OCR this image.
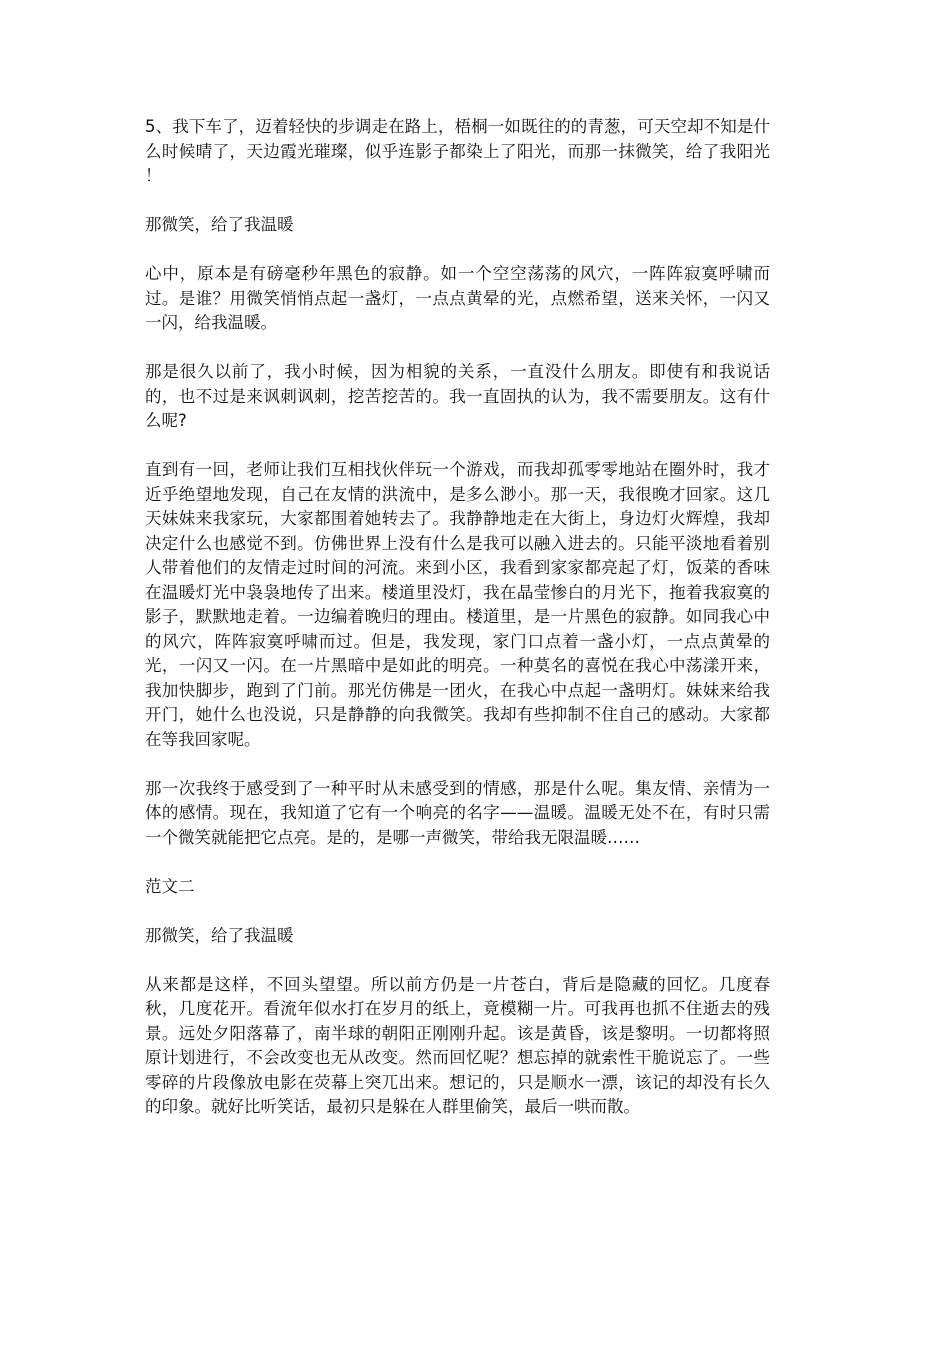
5、我下车了，迈着轻快的步调走在路上，梧桐一如既往的的青葱，可天空却不知是什么时候晴了，天边霞光璀璨，似乎连影子都染上了阳光，而那一抹微笑，给了我阳光 ！

那微笑，给了我温暖

心中，原本是有磅毫秒年黑色的寂静。如一个空空荡荡的风穴，一阵阵寂寞呼啸而过。是谁？用微笑悄悄点起一盏灯，一点点黄晕的光，点燃希望，送来关怀，一闪又一闪，给我温暖。

那是很久以前了，我小时候，因为相貌的关系，一直没什么朋友。即使有和我说话的，也不过是来讽刺讽刺，挖苦挖苦的。我一直固执的认为，我不需要朋友。这有什么呢?

直到有一回，老师让我们互相找伙伴玩一个游戏，而我却孤零零地站在圈外时，我才近乎绝望地发现，自己在友情的洪流中，是多么渺小。那一天，我很晚才回家。这几天妹妹来我家玩，大家都围着她转去了。我静静地走在大街上，身边灯火辉煌，我却决定什么也感觉不到。仿佛世界上没有什么是我可以融入进去的。只能平淡地看着别人带着他们的友情走过时间的河流。来到小区，我看到家家都亮起了灯，饭菜的香味在温暖灯光中袅袅地传了出来。楼道里没灯，我在晶莹惨白的月光下，拖着我寂寞的影子，默默地走着。一边编着晚归的理由。楼道里，是一片黑色的寂静。如同我心中的风穴，阵阵寂寞呼啸而过。但是，我发现，家门口点着一盏小灯，一点点黄晕的光，一闪又一闪。在一片黑暗中是如此的明亮。一种莫名的喜悦在我心中荡漾开来，我加快脚步，跑到了门前。那光仿佛是一团火，在我心中点起一盏明灯。妹妹来给我开门，她什么也没说，只是静静的向我微笑。我却有些抑制不住自己的感动。大家都在等我回家呢。

那一次我终于感受到了一种平时从未感受到的情感，那是什么呢。集友情、亲情为一体的感情。现在，我知道了它有一个响亮的名字——温暖。温暖无处不在，有时只需一个微笑就能把它点亮。是的，是哪一声微笑，带给我无限温暖……

范文二

那微笑，给了我温暖

从来都是这样，不回头望望。所以前方仍是一片苍白，背后是隐藏的回忆。几度春秋，几度花开。看流年似水打在岁月的纸上，竟模糊一片。可我再也抓不住逝去的残景。远处夕阳落幕了，南半球的朝阳正刚刚升起。该是黄昏，该是黎明。一切都将照原计划进行，不会改变也无从改变。然而回忆呢？想忘掉的就索性干脆说忘了。一些零碎的片段像放电影在荧幕上突兀出来。想记的，只是顺水一漂，该记的却没有长久的印象。就好比听笑话，最初只是躲在人群里偷笑，最后一哄而散。
